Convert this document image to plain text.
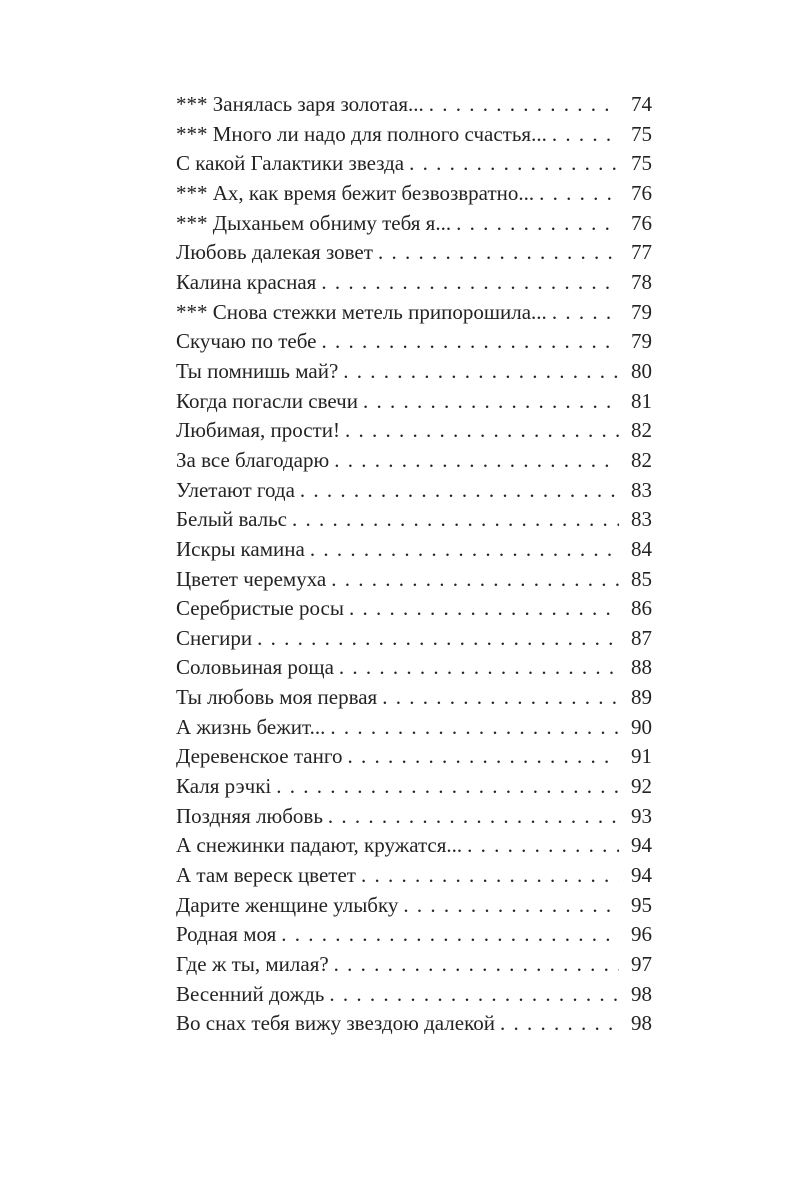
*** Занялась заря золотая... . . .	74
*** Много ли надо для полного счастья... . . .	75
С какой Галактики звезда . . .	75
*** Ах, как время бежит безвозвратно... . . .	76
*** Дыханьем обниму тебя я... . . .	76
Любовь далекая зовет . . .	77
Калина красная . . .	78
*** Снова стежки метель припорошила... . . .	79
Скучаю по тебе . . .	79
Ты помнишь май? . . .	80
Когда погасли свечи . . .	81
Любимая, прости! . . .	82
За все благодарю . . .	82
Улетают года . . .	83
Белый вальс . . .	83
Искры камина . . .	84
Цветет черемуха . . .	85
Серебристые росы . . .	86
Снегири . . .	87
Соловьиная роща . . .	88
Ты любовь моя первая . . .	89
А жизнь бежит... . . .	90
Деревенское танго . . .	91
Каля рэчкі . . .	92
Поздняя любовь . . .	93
А снежинки падают, кружатся... . . .	94
А там вереск цветет . . .	94
Дарите женщине улыбку . . .	95
Родная моя . . .	96
Где ж ты, милая? . . .	97
Весенний дождь . . .	98
Во снах тебя вижу звездою далекой . . .	98
